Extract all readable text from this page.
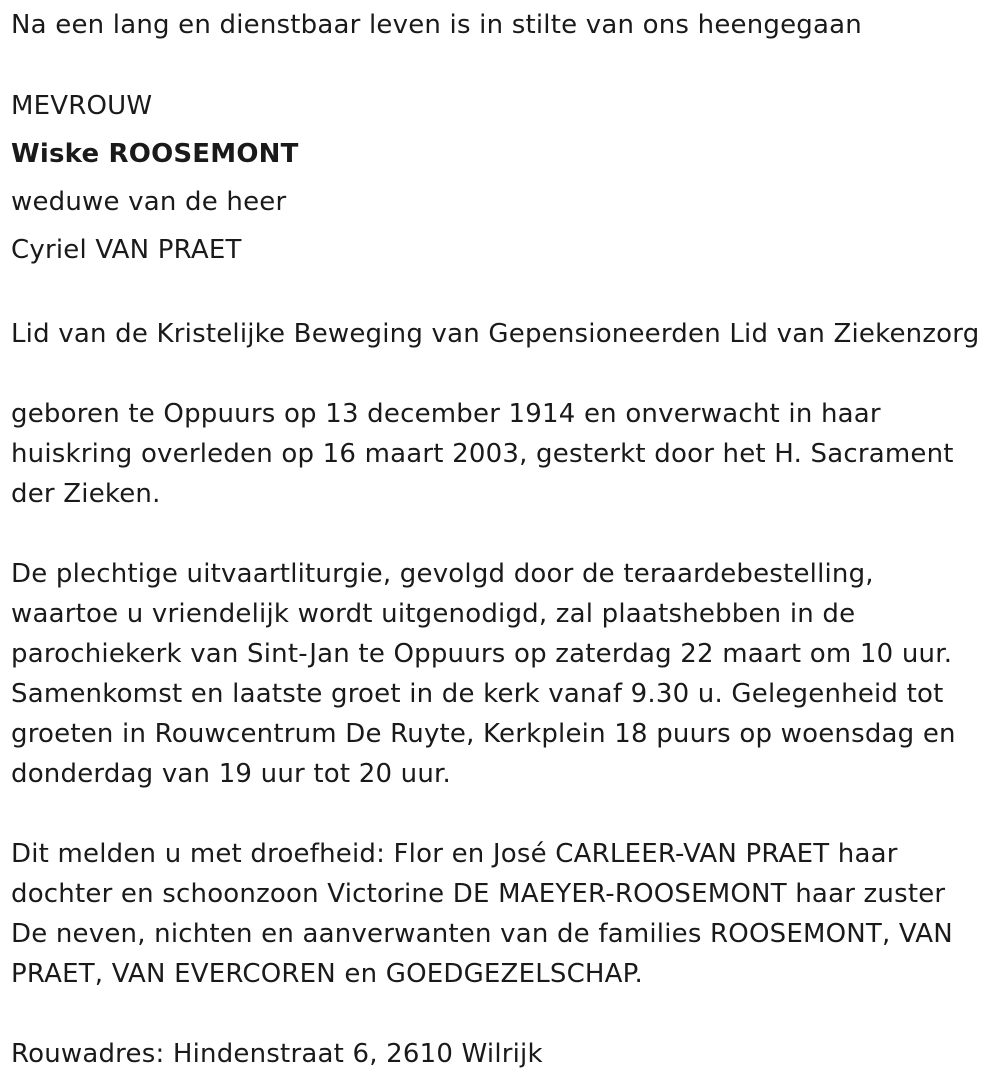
Na een lang en dienstbaar leven is in stilte van ons heengegaan
MEVROUW
Wiske ROOSEMONT
weduwe van de heer
Cyriel VAN PRAET
Lid van de Kristelijke Beweging van Gepensioneerden Lid van Ziekenzorg
geboren te Oppuurs op 13 december 1914 en onverwacht in haar
huiskring overleden op 16 maart 2003, gesterkt door het H. Sacrament
der Zieken.
De plechtige uitvaartliturgie, gevolgd door de teraardebestelling,
waartoe u vriendelijk wordt uitgenodigd, zal plaatshebben in de
parochiekerk van Sint-Jan te Oppuurs op zaterdag 22 maart om 10 uur.
Samenkomst en laatste groet in de kerk vanaf 9.30 u. Gelegenheid tot
groeten in Rouwcentrum De Ruyte, Kerkplein 18 puurs op woensdag en
donderdag van 19 uur tot 20 uur.
Dit melden u met droefheid: Flor en José CARLEER-VAN PRAET haar
dochter en schoonzoon Victorine DE MAEYER-ROOSEMONT haar zuster
De neven, nichten en aanverwanten van de families ROOSEMONT, VAN
PRAET, VAN EVERCOREN en GOEDGEZELSCHAP.
Rouwadres: Hindenstraat 6, 2610 Wilrijk
